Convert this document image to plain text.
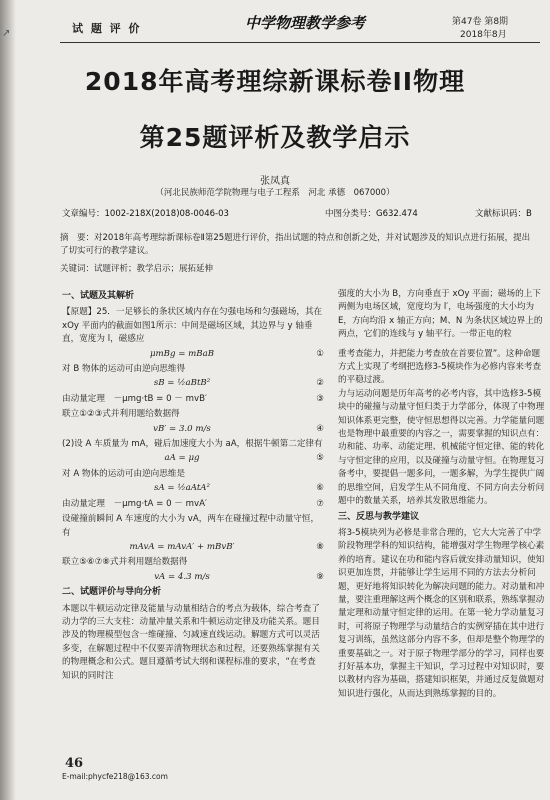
↗	试 题 评 价	中学物理教学参考	第47卷 第8期
2018年8月
2018年高考理综新课标卷II物理
第25题评析及教学启示
张凤真
（河北民族师范学院物理与电子工程系　河北 承德　067000）
文章编号：1002-218X(2018)08-0046-03	中图分类号：G632.474	文献标识码：B
摘　要：对2018年高考理综新课标卷Ⅱ第25题进行评价，指出试题的特点和创新之处，并对试题涉及的知识点进行拓展，提出了切实可行的教学建议。
关键词：试题评析；教学启示；展拓延伸
一、试题及其解析

【原题】25．一足够长的条状区域内存在匀强电场和匀强磁场，其在 xOy 平面内的截面如图1所示：中间是磁场区域，其边界与 y 轴垂直，宽度为 l，磁感应

μmBg = mBaB	①

对 B 物体的运动可由逆向思维得

sB = ½aBtB²	②
由动量定理　－μmg·tB = 0 － mvB′	③

联立①②③式并利用题给数据得

vB′ = 3.0 m/s	④

(2)设 A 车质量为 mA，碰后加速度大小为 aA，根据牛顿第二定律有

aA = μg	⑤

对 A 物体的运动可由逆向思维是

sA = ½aAtA²	⑥
由动量定理　－μmg·tA = 0 － mvA′	⑦

设碰撞前瞬间 A 车速度的大小为 vA，两车在碰撞过程中动量守恒，有

mAvA = mAvA′ + mBvB′	⑧

联立⑤⑥⑦⑧式并利用题给数据得

vA = 4.3 m/s	⑨
二、试题评价与导向分析

本题以牛顿运动定律及能量与动量相结合的考点为载体，综合考查了动力学的三大支柱：动量冲量关系和牛顿运动定律及功能关系。题目涉及的物理模型包含一维碰撞、匀减速直线运动。解题方式可以灵活多变，在解题过程中不仅要弄清物理状态和过程，还要熟练掌握有关的物理概念和公式。题目遵循考试大纲和课程标准的要求，“在考查知识的同时注

强度的大小为 B，方向垂直于 xOy 平面；磁场的上下两侧为电场区域，宽度均为 l′，电场强度的大小均为 E，方向均沿 x 轴正方向；M、N 为条状区域边界上的两点，它们的连线与 y 轴平行。一带正电的粒

重考查能力，并把能力考查放在首要位置”。这种命题方式上实现了考纲把选修3-5模块作为必修内容来考查的平稳过渡。

力与运动问题是历年高考的必考内容，其中选修3-5模块中的碰撞与动量守恒归类于力学部分，体现了中物理知识体系更完整，使守恒思想得以完善。力学能量问题也是物理中最重要的内容之一，需要掌握的知识点有：功和能、功率、动能定理、机械能守恒定律、能的转化与守恒定律的应用，以及碰撞与动量守恒。在物理复习备考中，要提倡一题多问，一题多解，为学生提供广阔的思维空间，启发学生从不同角度、不同方向去分析问题中的数量关系，培养其发散思维能力。

三、反思与教学建议

将3-5模块列为必修是非常合理的，它大大完善了中学阶段物理学科的知识结构，能增强对学生物理学核心素养的培育。建议在功和能内容后就安排动量知识，使知识更加连贯，并能够让学生运用不同的方法去分析问题，更好地将知识转化为解决问题的能力。对动量和冲量，要注重理解这两个概念的区别和联系，熟练掌握动量定理和动量守恒定律的运用。在第一轮力学动量复习时，可将原子物理学与动量结合的实例穿插在其中进行复习训练，虽然这部分内容不多，但却是整个物理学的重要基础之一。对于原子物理学部分的学习，同样也要打好基本功，掌握主干知识，学习过程中对知识时，要以教材内容为基础，搭建知识框架，并通过反复做题对知识进行强化，从而达到熟练掌握的目的。

46
E-mail:phycfe218@163.com
